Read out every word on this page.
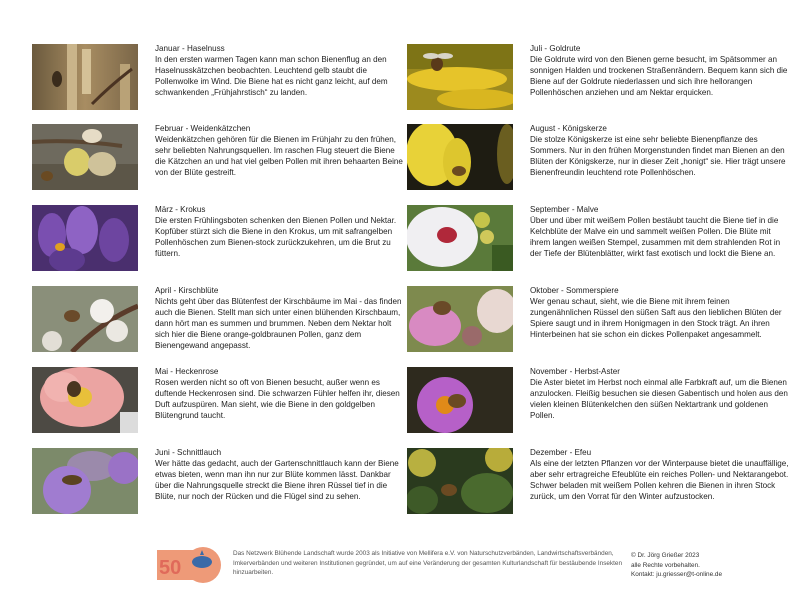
Januar - Haselnuss
In den ersten warmen Tagen kann man schon Bienenflug an den Haselnusskätzchen beobachten. Leuchtend gelb staubt die Pollenwolke im Wind. Die Biene hat es nicht ganz leicht, auf dem schwankenden „Frühjahrstisch“ zu landen.
Februar - Weidenkätzchen
Weidenkätzchen gehören für die Bienen im Frühjahr zu den frühen, sehr beliebten Nahrungsquellen. Im raschen Flug steuert die Biene die Kätzchen an und hat viel gelben Pollen mit ihren behaarten Beine von der Blüte gestreift.
März - Krokus
Die ersten Frühlingsboten schenken den Bienen Pollen und Nektar. Kopfüber stürzt sich die Biene in den Krokus, um mit safrangelben Pollenhöschen zum Bienen-stock zurückzukehren, um die Brut zu füttern.
April - Kirschblüte
Nichts geht über das Blütenfest der Kirschbäume im Mai - das finden auch die Bienen. Stellt man sich unter einen blühenden Kirschbaum, dann hört man es summen und brummen. Neben dem Nektar holt sich hier die Biene orange-goldbraunen Pollen, ganz dem Bienengewand angepasst.
Mai - Heckenrose
Rosen werden nicht so oft von Bienen besucht, außer wenn es duftende Heckenrosen sind. Die schwarzen Fühler helfen ihr, diesen Duft aufzuspüren. Man sieht, wie die Biene in den goldgelben Blütengrund taucht.
Juni - Schnittlauch
Wer hätte das gedacht, auch der Gartenschnittlauch kann der Biene etwas bieten, wenn man ihn nur zur Blüte kommen lässt. Dankbar über die Nahrungsquelle streckt die Biene ihren Rüssel tief in die Blüte, nur noch der Rücken und die Flügel sind zu sehen.
Juli - Goldrute
Die Goldrute wird von den Bienen gerne besucht, im Spätsommer an sonnigen Halden und trockenen Straßenrändern. Bequem kann sich die Biene auf der Goldrute niederlassen und sich ihre hellorangen Pollenhöschen anziehen und am Nektar erquicken.
August - Königskerze
Die stolze Königskerze ist eine sehr beliebte Bienenpflanze des Sommers. Nur in den frühen Morgenstunden findet man Bienen an den Blüten der Königskerze, nur in dieser Zeit „honigt“ sie. Hier trägt unsere Bienenfreundin leuchtend rote Pollenhöschen.
September - Malve
Über und über mit weißem Pollen bestäubt taucht die Biene tief in die Kelchblüte der Malve ein und sammelt weißen Pollen. Die Blüte mit ihrem langen weißen Stempel, zusammen mit dem strahlenden Rot in der Tiefe der Blütenblätter, wirkt fast exotisch und lockt die Biene an.
Oktober - Sommerspiere
Wer genau schaut, sieht, wie die Biene mit ihrem feinen zungenähnlichen Rüssel den süßen Saft aus den lieblichen Blüten der Spiere saugt und in ihrem Honigmagen in den Stock trägt. An ihren Hinterbeinen hat sie schon ein dickes Pollenpaket angesammelt.
November - Herbst-Aster
Die Aster bietet im Herbst noch einmal alle Farbkraft auf, um die Bienen anzulocken. Fleißig besuchen sie diesen Gabentisch und holen aus den vielen kleinen Blütenkelchen den süßen Nektartrank und goldenen Pollen.
Dezember - Efeu
Als eine der letzten Pflanzen vor der Winterpause bietet die unauffällige, aber sehr ertragreiche Efeublüte ein reiches Pollen- und Nektarangebot. Schwer beladen mit weißem Pollen kehren die Bienen in ihren Stock zurück, um den Vorrat für den Winter aufzustocken.
50
Das Netzwerk Blühende Landschaft wurde 2003 als Initiative von Mellifera e.V. von Naturschutzverbänden, Landwirtschaftsverbänden, Imkerverbänden und weiteren Institutionen gegründet, um auf eine Veränderung der gesamten Kulturlandschaft für bestäubende Insekten hinzuarbeiten.
© Dr. Jörg Grießer 2023
alle Rechte vorbehalten.
Kontakt: ju.griesser@t-online.de
